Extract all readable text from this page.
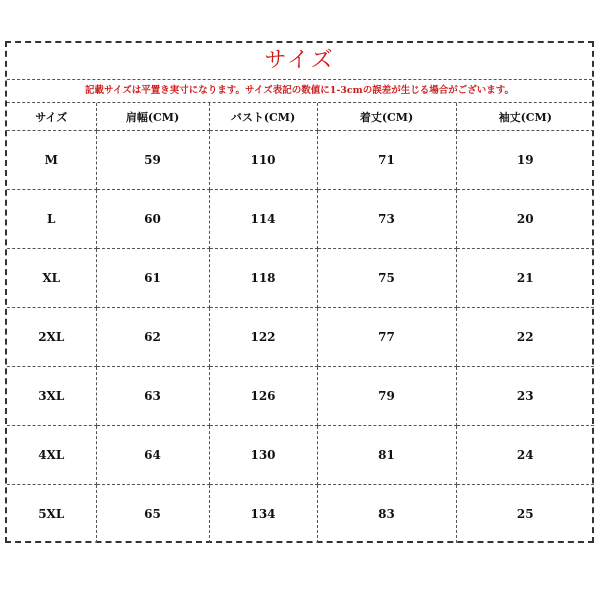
サイズ
記載サイズは平置き実寸になります。サイズ表記の数値に1-3cmの誤差が生じる場合がございます。
サイズ	肩幅(CM)	バスト(CM)	着丈(CM)	袖丈(CM)
M	59	110	71	19
L	60	114	73	20
XL	61	118	75	21
2XL	62	122	77	22
3XL	63	126	79	23
4XL	64	130	81	24
5XL	65	134	83	25
